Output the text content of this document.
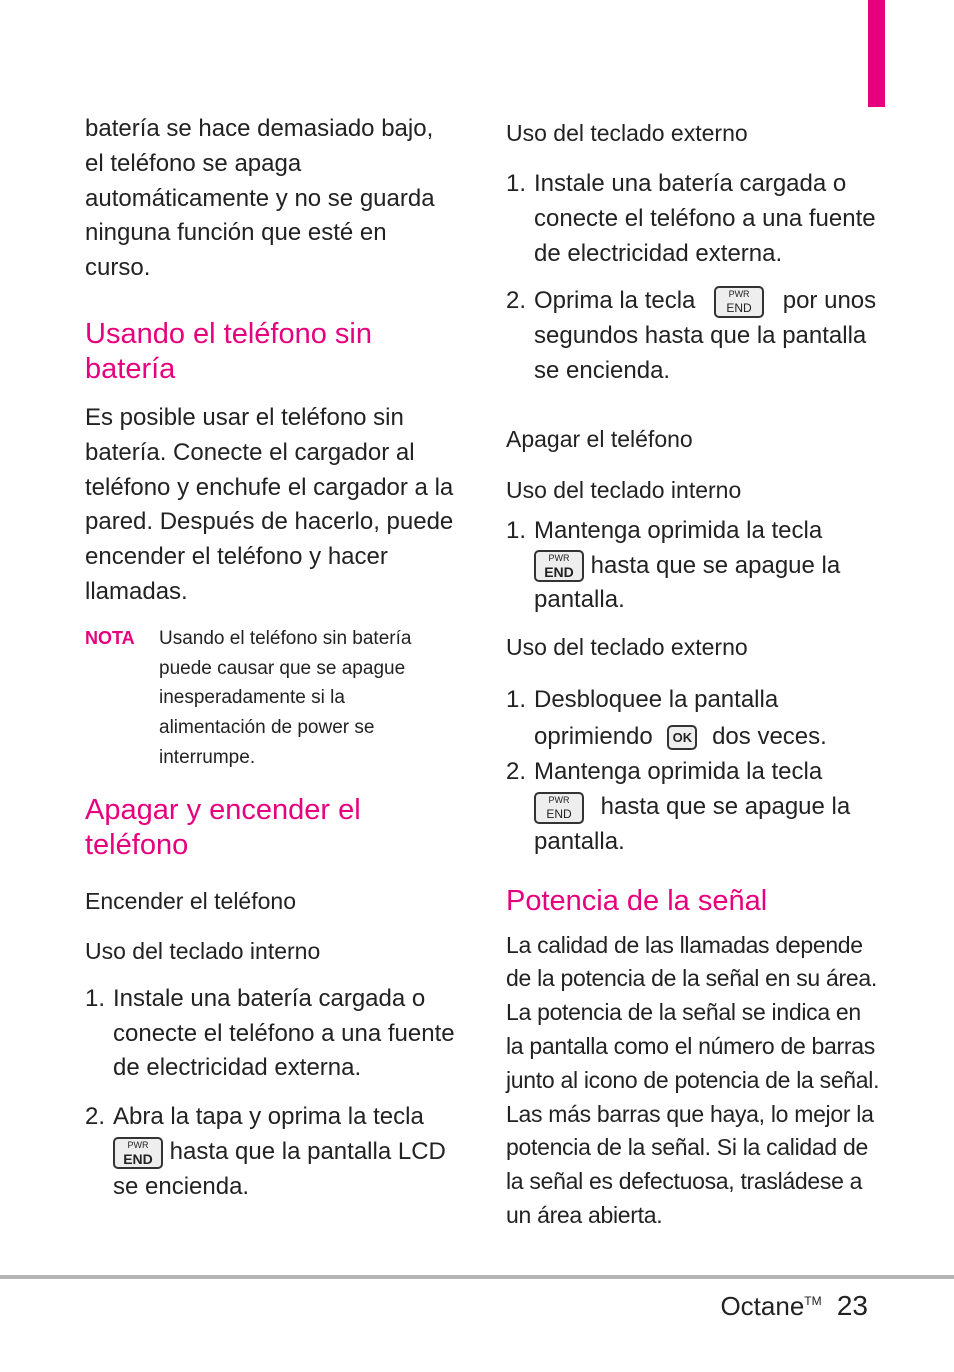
batería se hace demasiado bajo, el teléfono se apaga automáticamente y no se guarda ninguna función que esté en curso.

Usando el teléfono sin batería

Es posible usar el teléfono sin batería. Conecte el cargador al teléfono y enchufe el cargador a la pared. Después de hacerlo, puede encender el teléfono y hacer llamadas.

NOTA	Usando el teléfono sin batería puede causar que se apague inesperadamente si la alimentación de power se interrumpe.
Apagar y encender el teléfono
Encender el teléfono
Uso del teclado interno
1. Instale una batería cargada o conecte el teléfono a una fuente de electricidad externa.
2. Abra la tapa y oprima la tecla

PWR
END hasta que la pantalla LCD se encienda.
Uso del teclado externo
1. Instale una batería cargada o conecte el teléfono a una fuente de electricidad externa.
2. Oprima la tecla	PWR
END	por unos segundos hasta que la pantalla se encienda.
Apagar el teléfono
Uso del teclado interno
1. Mantenga oprimida la tecla

PWR
END hasta que se apague la pantalla.
Uso del teclado externo
1. Desbloquee la pantalla oprimiendo OK dos veces.
2. Mantenga oprimida la tecla

PWR
END	hasta que se apague la pantalla.
Potencia de la señal

La calidad de las llamadas depende de la potencia de la señal en su área. La potencia de la señal se indica en la pantalla como el número de barras junto al icono de potencia de la señal. Las más barras que haya, lo mejor la potencia de la señal. Si la calidad de la señal es defectuosa, trasládese a un área abierta.

Octane™ 23
